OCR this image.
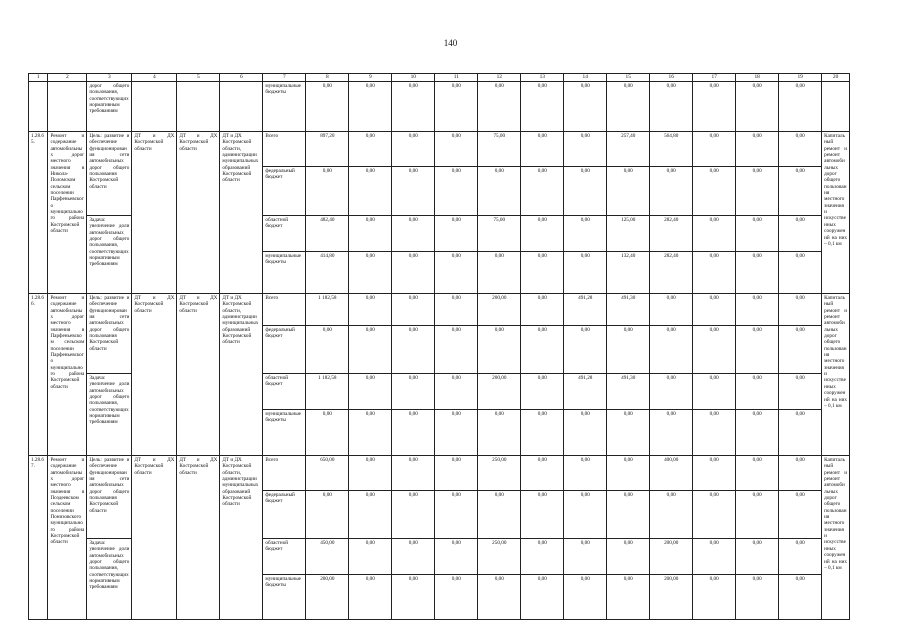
140
1	2	3	4	5	6	7	8	9	10	11	12	13	14	15	16	17	18	19	20
		дорог общего пользования, соответствующих нормативным требованиям				муниципальные бюджеты	0,00	0,00	0,00	0,00	0,00	0,00	0,00	0,00	0,00	0,00	0,00	0,00	
1.28.65.	Ремонт и содержание автомобильных дорог местного значения в Никола-Поломском сельском поселении Парфеньевского муниципального района Костромской области	Цель: развитие и обеспечение функционирования сети автомобильных дорог общего пользования Костромской области	ДТ и ДХ Костромской области	ДТ и ДХ Костромской области	ДТ и ДХ Костромской области, администрации муниципальных образований Костромской области	Всего	897,20	0,00	0,00	0,00	75,00	0,00	0,00	257,40	564,80	0,00	0,00	0,00	Капитальный ремонт и ремонт автомобильных дорог общего пользования местного значения и искусственных сооружений на них – 0,1 км
						федеральный бюджет	0,00	0,00	0,00	0,00	0,00	0,00	0,00	0,00	0,00	0,00	0,00	0,00	
		Задача: увеличение доли автомобильных дорог общего пользования, соответствующих нормативным требованиям				областной бюджет	482,40	0,00	0,00	0,00	75,00	0,00	0,00	125,00	282,40	0,00	0,00	0,00	
						муниципальные бюджеты	414,80	0,00	0,00	0,00	0,00	0,00	0,00	132,40	282,40	0,00	0,00	0,00	
1.28.66.	Ремонт и содержание автомобильных дорог местного значения в Парфеньевском сельском поселении Парфеньевского муниципального района Костромской области	Цель: развитие и обеспечение функционирования сети автомобильных дорог общего пользования Костромской области	ДТ и ДХ Костромской области	ДТ и ДХ Костромской области	ДТ и ДХ Костромской области, администрации муниципальных образований Костромской области	Всего	1 182,58	0,00	0,00	0,00	200,00	0,00	491,28	491,30	0,00	0,00	0,00	0,00	Капитальный ремонт и ремонт автомобильных дорог общего пользования местного значения и искусственных сооружений на них – 0,1 км
						федеральный бюджет	0,00	0,00	0,00	0,00	0,00	0,00	0,00	0,00	0,00	0,00	0,00	0,00	
		Задача: увеличение доли автомобильных дорог общего пользования, соответствующих нормативным требованиям				областной бюджет	1 182,58	0,00	0,00	0,00	200,00	0,00	491,28	491,30	0,00	0,00	0,00	0,00	
						муниципальные бюджеты	0,00	0,00	0,00	0,00	0,00	0,00	0,00	0,00	0,00	0,00	0,00	0,00	
1.28.67.	Ремонт и содержание автомобильных дорог местного значения в Поздеевском сельском поселении Понизовского муниципального района Костромской области	Цель: развитие и обеспечение функционирования сети автомобильных дорог общего пользования Костромской области	ДТ и ДХ Костромской области	ДТ и ДХ Костромской области	ДТ и ДХ Костромской области, администрации муниципальных образований Костромской области	Всего	650,00	0,00	0,00	0,00	250,00	0,00	0,00	0,00	400,00	0,00	0,00	0,00	Капитальный ремонт и ремонт автомобильных дорог общего пользования местного значения и искусственных сооружений на них – 0,1 км
						федеральный бюджет	0,00	0,00	0,00	0,00	0,00	0,00	0,00	0,00	0,00	0,00	0,00	0,00	
		Задача: увеличение доли автомобильных дорог общего пользования, соответствующих нормативным требованиям				областной бюджет	450,00	0,00	0,00	0,00	250,00	0,00	0,00	0,00	200,00	0,00	0,00	0,00	
						муниципальные бюджеты	200,00	0,00	0,00	0,00	0,00	0,00	0,00	0,00	200,00	0,00	0,00	0,00	
